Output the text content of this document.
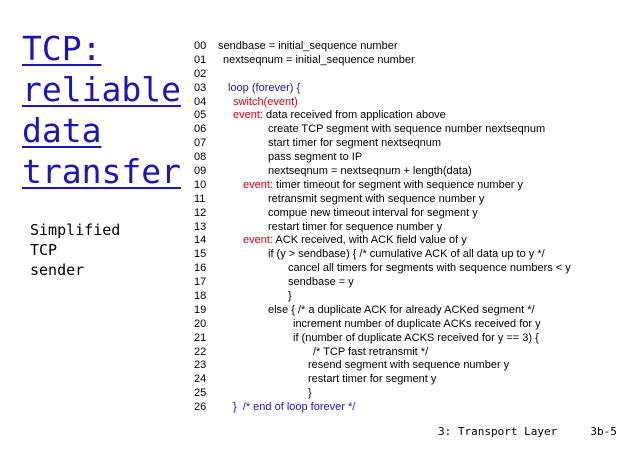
TCP:
reliable
data
transfer
Simplified
TCP
sender
00	sendbase = initial_sequence number
01	nextseqnum = initial_sequence number
02
03	loop (forever) {
04	switch(event)
05	event: data received from application above
06	create TCP segment with sequence number nextseqnum
07	start timer for segment nextseqnum
08	pass segment to IP
09	nextseqnum = nextseqnum + length(data)
10	event: timer timeout for segment with sequence number y
11	retransmit segment with sequence number y
12	compue new timeout interval for segment y
13	restart timer for sequence number y
14	event: ACK received, with ACK field value of y
15	if (y > sendbase) { /* cumulative ACK of all data up to y */
16	cancel all timers for segments with sequence numbers < y
17	sendbase = y
18	}
19	else { /* a duplicate ACK for already ACKed segment */
20	increment number of duplicate ACKs received for y
21	if (number of duplicate ACKS received for y == 3) {
22	/* TCP fast retransmit */
23	resend segment with sequence number y
24	restart timer for segment y
25	}
26	}  /* end of loop forever */
3: Transport Layer	3b-5
